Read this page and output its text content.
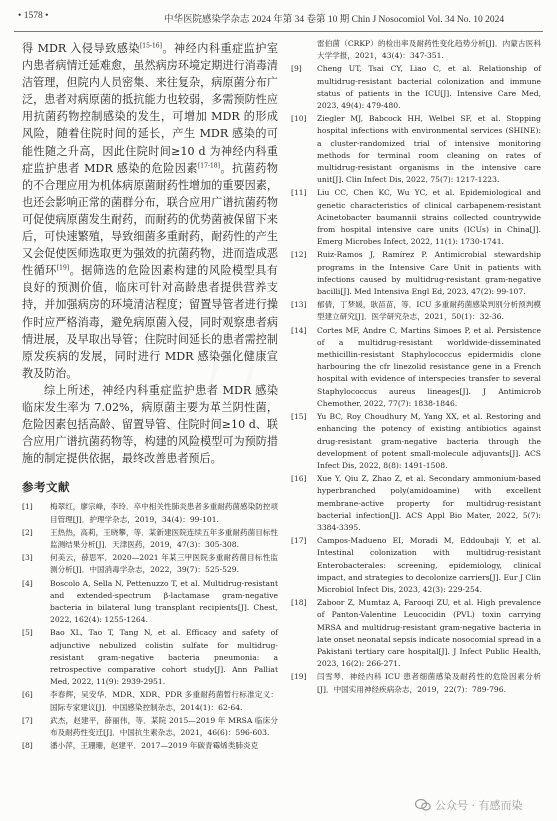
• 1578 •	中华医院感染学杂志 2024 年第 34 卷第 10 期 Chin J Nosocomiol Vol. 34 No. 10 2024

得 MDR 入侵导致感染[15-16]。神经内科重症监护室内患者病情迁延难愈，虽然病房环境定期进行消毒清洁管理，但院内人员密集、来往复杂，病原菌分布广泛，患者对病原菌的抵抗能力也较弱，多需预防性应用抗菌药物控制感染的发生，可增加 MDR 的形成风险，随着住院时间的延长，产生 MDR 感染的可能性随之升高，因此住院时间≥10 d 为神经内科重症监护患者 MDR 感染的危险因素[17-18]。抗菌药物的不合理应用为机体病原菌耐药性增加的重要因素，也还会影响正常的菌群分布，联合应用广谱抗菌药物可促使病原菌发生耐药，而耐药的优势菌被保留下来后，可快速繁殖，导致细菌多重耐药，耐药性的产生又会促使医师选取更为强效的抗菌药物，进而造成恶性循环[19]。据筛选的危险因素构建的风险模型具有良好的预测价值，临床可针对高龄患者提供营养支持，并加强病房的环境清洁程度；留置导管者进行操作时应严格消毒，避免病原菌入侵，同时观察患者病情进展，及早取出导管；住院时间延长的患者需控制原发疾病的发展，同时进行 MDR 感染强化健康宣教及防治。

综上所述，神经内科重症监护患者 MDR 感染临床发生率为 7.02%，病原菌主要为革兰阴性菌，危险因素包括高龄、留置导管、住院时间≥10 d、联合应用广谱抗菌药物等，构建的风险模型可为预防措施的制定提供依据，最终改善患者预后。

参考文献
[1]	梅翠红，廖宗峰，李玲．卒中相关性肺炎患者多重耐药菌感染防控项目管理[J]．护理学杂志，2019，34(4)：99-101.
[2]	王热热，高莉，王晓攀，等．某新建医院连续五年多重耐药菌目标性监测结果分析[J]．天津医药，2019，47(3)：305-308.
[3]	何美云，薛思军．2020—2021 年某三甲医院多重耐药菌目标性监测分析[J]．中国消毒学杂志，2022，39(7)：525-529.
[4]	Boscolo A, Sella N, Pettenuzzo T, et al. Multidrug-resistant and extended-spectrum β-lactamase gram-negative bacteria in bilateral lung transplant recipients[J]. Chest, 2022, 162(4): 1255-1264.
[5]	Bao XL, Tao T, Tang N, et al. Efficacy and safety of adjunctive nebulized colistin sulfate for multidrug-resistant gram-negative bacteria pneumonia: a retrospective comparative cohort study[J]. Ann Palliat Med, 2022, 11(9): 2939-2951.
[6]	李春辉，吴安华．MDR、XDR、PDR 多重耐药菌暂行标准定义：国际专家建议[J]．中国感染控制杂志，2014(1)：62-64.
[7]	武杰，赵建平，薛丽伟，等．某院 2015—2019 年 MRSA 临床分布及耐药性变迁[J]．中国抗生素杂志，2021，46(6)：596-603.
[8]	潘小萍，王珊珊，赵建平．2017—2019 年碳青霉烯类肺炎克
雷伯菌（CRKP）的检出率及耐药性变化趋势分析[J]．内蒙古医科大学学报，2021，43(4)：347-351.
[9]	Cheng UT, Tsai CY, Liao C, et al. Relationship of multidrug-resistant bacterial colonization and immune status of patients in the ICU[J]. Intensive Care Med, 2023, 49(4): 479-480.
[10]	Ziegler MJ, Babcock HH, Welbel SF, et al. Stopping hospital infections with environmental services (SHINE): a cluster-randomized trial of intensive monitoring methods for terminal room cleaning on rates of multidrug-resistant organisms in the intensive care unit[J]. Clin Infect Dis, 2022, 75(7): 1217-1223.
[11]	Liu CC, Chen KC, Wu YC, et al. Epidemiological and genetic characteristics of clinical carbapenem-resistant Acinetobacter baumannii strains collected countrywide from hospital intensive care units (ICUs) in China[J]. Emerg Microbes Infect, 2022, 11(1): 1730-1741.
[12]	Ruiz-Ramos J, Ramírez P. Antimicrobial stewardship programs in the Intensive Care Unit in patients with infections caused by multidrug-resistant gram-negative bacilli[J]. Med Intensiva Engl Ed, 2023, 47(2): 99-107.
[13]	郁倩，丁梦媛，耿苗苗，等．ICU 多重耐药菌感染判别分析预判模型建立研究[J]．医学研究杂志，2021，50(1)：32-36.
[14]	Cortes MF, Andre C, Martins Simoes P, et al. Persistence of a multidrug-resistant worldwide-disseminated methicillin-resistant Staphylococcus epidermidis clone harbouring the cfr linezolid resistance gene in a French hospital with evidence of interspecies transfer to several Staphylococcus aureus lineages[J]. J Antimicrob Chemother, 2022, 77(7): 1838-1846.
[15]	Yu BC, Roy Choudhury M, Yang XX, et al. Restoring and enhancing the potency of existing antibiotics against drug-resistant gram-negative bacteria through the development of potent small-molecule adjuvants[J]. ACS Infect Dis, 2022, 8(8): 1491-1508.
[16]	Xue Y, Qiu Z, Zhao Z, et al. Secondary ammonium-based hyperbranched poly(amidoamine) with excellent membrane-active property for multidrug-resistant bacterial infection[J]. ACS Appl Bio Mater, 2022, 5(7): 3384-3395.
[17]	Campos-Madueno EI, Moradi M, Eddoubaji Y, et al. Intestinal colonization with multidrug-resistant Enterobacterales: screening, epidemiology, clinical impact, and strategies to decolonize carriers[J]. Eur J Clin Microbiol Infect Dis, 2023, 42(3): 229-254.
[18]	Zaboor Z, Mumtaz A, Farooqi ZU, et al. High prevalence of Panton-Valentine Leucocidin (PVL) toxin carrying MRSA and multidrug-resistant gram-negative bacteria in late onset neonatal sepsis indicate nosocomial spread in a Pakistani tertiary care hospital[J]. J Infect Public Health, 2023, 16(2): 266-271.
[19]	闫雪琴．神经内科 ICU 患者细菌感染及耐药性的危险因素分析[J]．中国实用神经疾病杂志，2019，22(7)：789-796.
公众号 · 有感而染
